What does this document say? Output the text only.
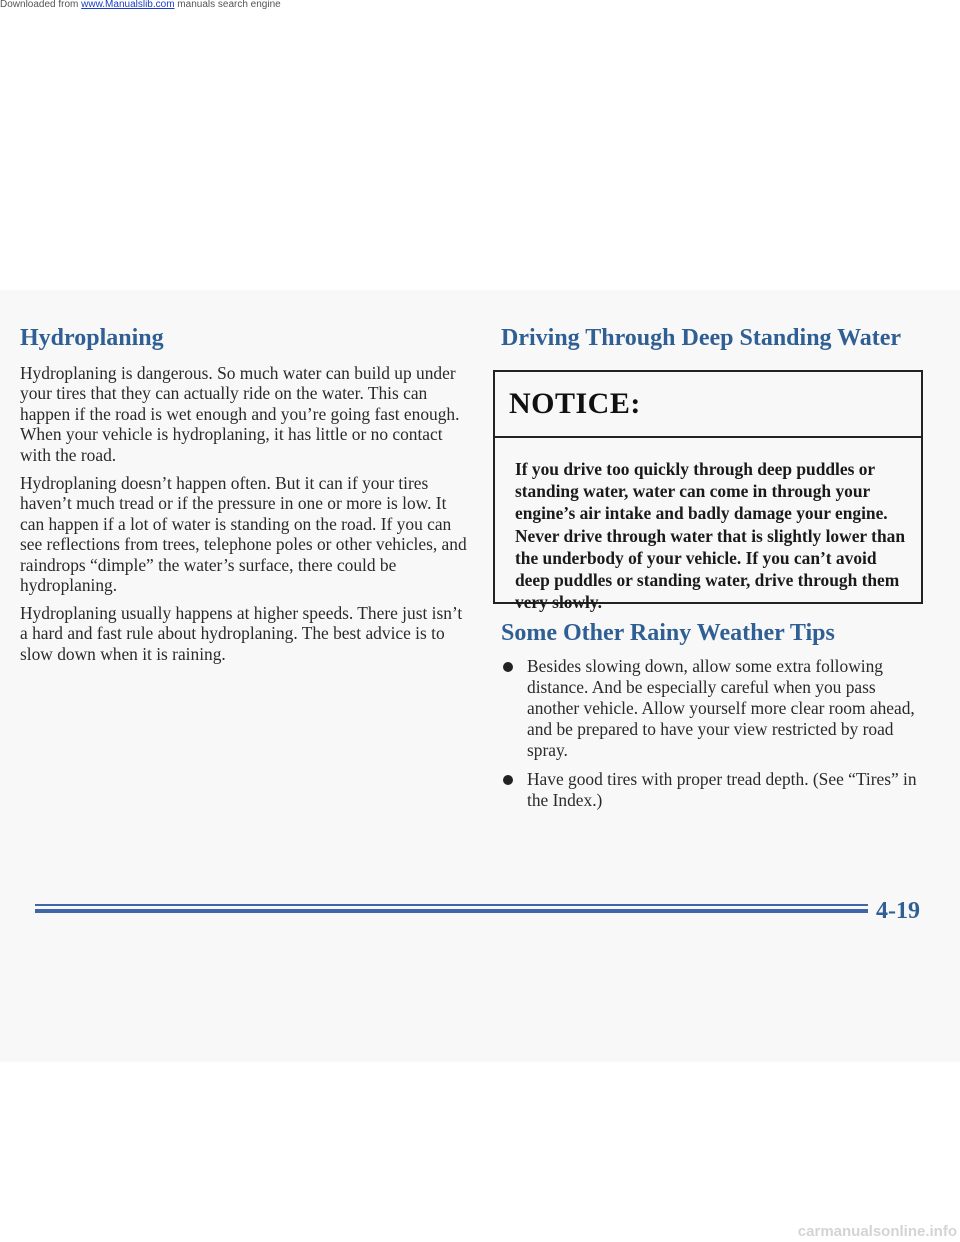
Downloaded from www.Manualslib.com manuals search engine
Hydroplaning

Hydroplaning is dangerous. So much water can build up under your tires that they can actually ride on the water. This can happen if the road is wet enough and you’re going fast enough. When your vehicle is hydroplaning, it has little or no contact with the road.

Hydroplaning doesn’t happen often. But it can if your tires haven’t much tread or if the pressure in one or more is low. It can happen if a lot of water is standing on the road. If you can see reflections from trees, telephone poles or other vehicles, and raindrops “dimple” the water’s surface, there could be hydroplaning.

Hydroplaning usually happens at higher speeds. There just isn’t a hard and fast rule about hydroplaning. The best advice is to slow down when it is raining.

Driving Through Deep Standing Water
NOTICE:

If you drive too quickly through deep puddles or standing water, water can come in through your engine’s air intake and badly damage your engine. Never drive through water that is slightly lower than the underbody of your vehicle. If you can’t avoid deep puddles or standing water, drive through them very slowly.

Some Other Rainy Weather Tips
Besides slowing down, allow some extra following distance. And be especially careful when you pass another vehicle. Allow yourself more clear room ahead, and be prepared to have your view restricted by road spray.
Have good tires with proper tread depth. (See “Tires” in the Index.)
4-19
carmanualsonline.info
